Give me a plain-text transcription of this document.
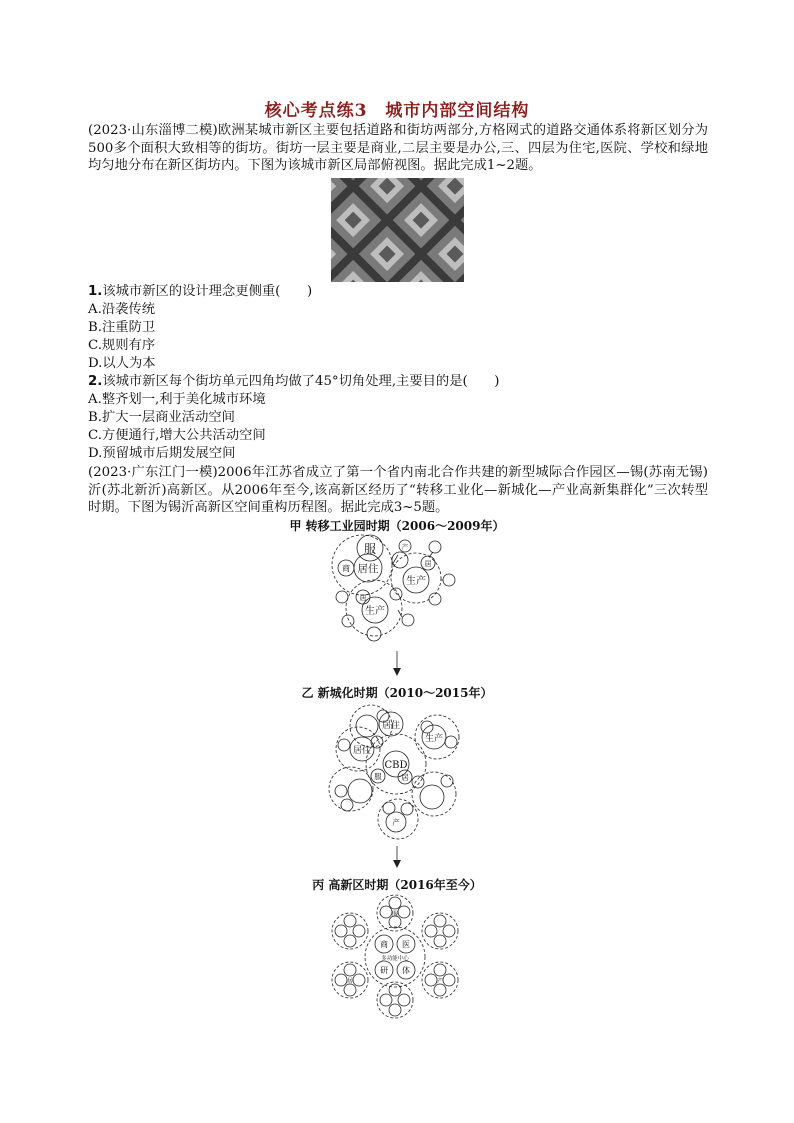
核心考点练3　城市内部空间结构
(2023·山东淄博二模)欧洲某城市新区主要包括道路和街坊两部分,方格网式的道路交通体系将新区划分为500多个面积大致相等的街坊。街坊一层主要是商业,二层主要是办公,三、四层为住宅,医院、学校和绿地均匀地分布在新区街坊内。下图为该城市新区局部俯视图。据此完成1~2题。
1.该城市新区的设计理念更侧重(　　)
A.沿袭传统
B.注重防卫
C.规则有序
D.以人为本
2.该城市新区每个街坊单元四角均做了45°切角处理,主要目的是(　　)
A.整齐划一,利于美化城市环境
B.扩大一层商业活动空间
C.方便通行,增大公共活动空间
D.预留城市后期发展空间
(2023·广东江门一模)2006年江苏省成立了第一个省内南北合作共建的新型城际合作园区—锡(苏南无锡)沂(苏北新沂)高新区。从2006年至今,该高新区经历了“转移工业化—新城化—产业高新集群化”三次转型时期。下图为锡沂高新区空间重构历程图。据此完成3~5题。
甲 转移工业园时期（2006～2009年）
乙 新城化时期（2010～2015年）
丙 高新区时期（2016年至今）
服
居住
商
生产
居
生产
居
产
CBD
服	居
居住
居住
生产
产
商 医
研 体
多功能中心
居	产
服
